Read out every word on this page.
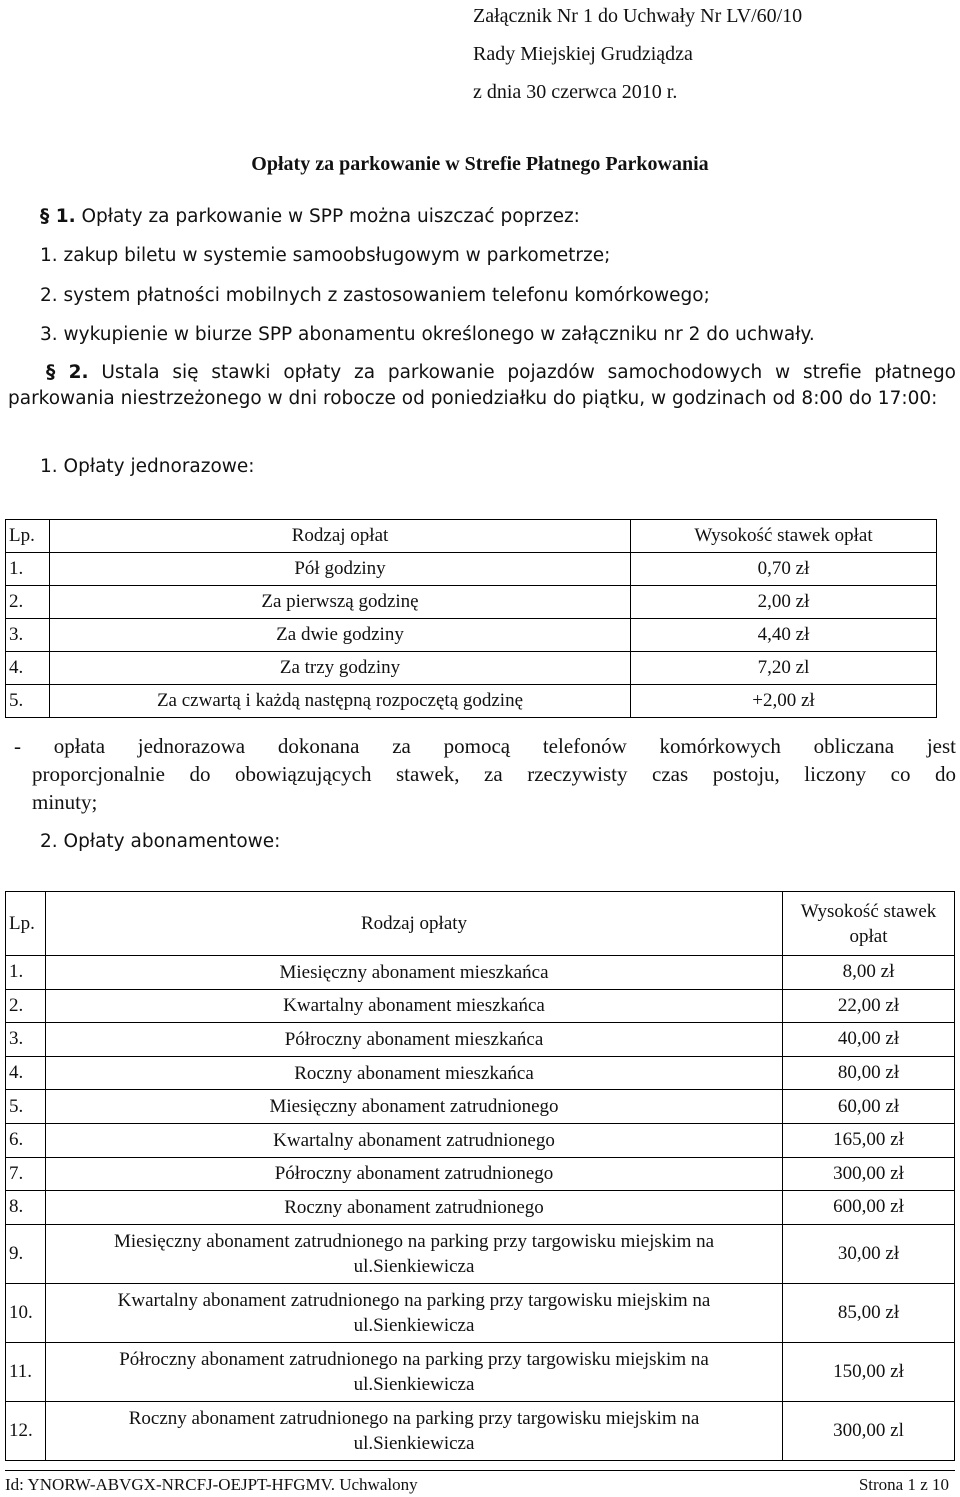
Załącznik Nr 1 do Uchwały Nr LV/60/10
Rady Miejskiej Grudziądza
z dnia 30 czerwca 2010 r.
Opłaty za parkowanie w Strefie Płatnego Parkowania
§ 1. Opłaty za parkowanie w SPP można uiszczać poprzez:
1. zakup biletu w systemie samoobsługowym w parkometrze;
2. system płatności mobilnych z zastosowaniem telefonu komórkowego;
3. wykupienie w biurze SPP abonamentu określonego w załączniku nr 2 do uchwały.
§ 2. Ustala się stawki opłaty za parkowanie pojazdów samochodowych w strefie płatnego
parkowania niestrzeżonego w dni robocze od poniedziałku do piątku, w godzinach od 8:00 do 17:00:
1. Opłaty jednorazowe:
Lp.	Rodzaj opłat	Wysokość stawek opłat
1.	Pół godziny	0,70 zł
2.	Za pierwszą godzinę	2,00 zł
3.	Za dwie godziny	4,40 zł
4.	Za trzy godziny	7,20 zl
5.	Za czwartą i każdą następną rozpoczętą godzinę	+2,00 zł
- opłata jednorazowa dokonana za pomocą telefonów komórkowych obliczana jest
proporcjonalnie do obowiązujących stawek, za rzeczywisty czas postoju, liczony co do
minuty;
2. Opłaty abonamentowe:
Lp.	Rodzaj opłaty	Wysokość stawek opłat
1.	Miesięczny abonament mieszkańca	8,00 zł
2.	Kwartalny abonament mieszkańca	22,00 zł
3.	Półroczny abonament mieszkańca	40,00 zł
4.	Roczny abonament mieszkańca	80,00 zł
5.	Miesięczny abonament zatrudnionego	60,00 zł
6.	Kwartalny abonament zatrudnionego	165,00 zł
7.	Półroczny abonament zatrudnionego	300,00 zł
8.	Roczny abonament zatrudnionego	600,00 zł
9.	Miesięczny abonament zatrudnionego na parking przy targowisku miejskim na
ul.Sienkiewicza	30,00 zł
10.	Kwartalny abonament zatrudnionego na parking przy targowisku miejskim na
ul.Sienkiewicza	85,00 zł
11.	Półroczny abonament zatrudnionego na parking przy targowisku miejskim na
ul.Sienkiewicza	150,00 zł
12.	Roczny abonament zatrudnionego na parking przy targowisku miejskim na
ul.Sienkiewicza	300,00 zl
Id: YNORW-ABVGX-NRCFJ-OEJPT-HFGMV. Uchwalony	Strona 1 z 10
